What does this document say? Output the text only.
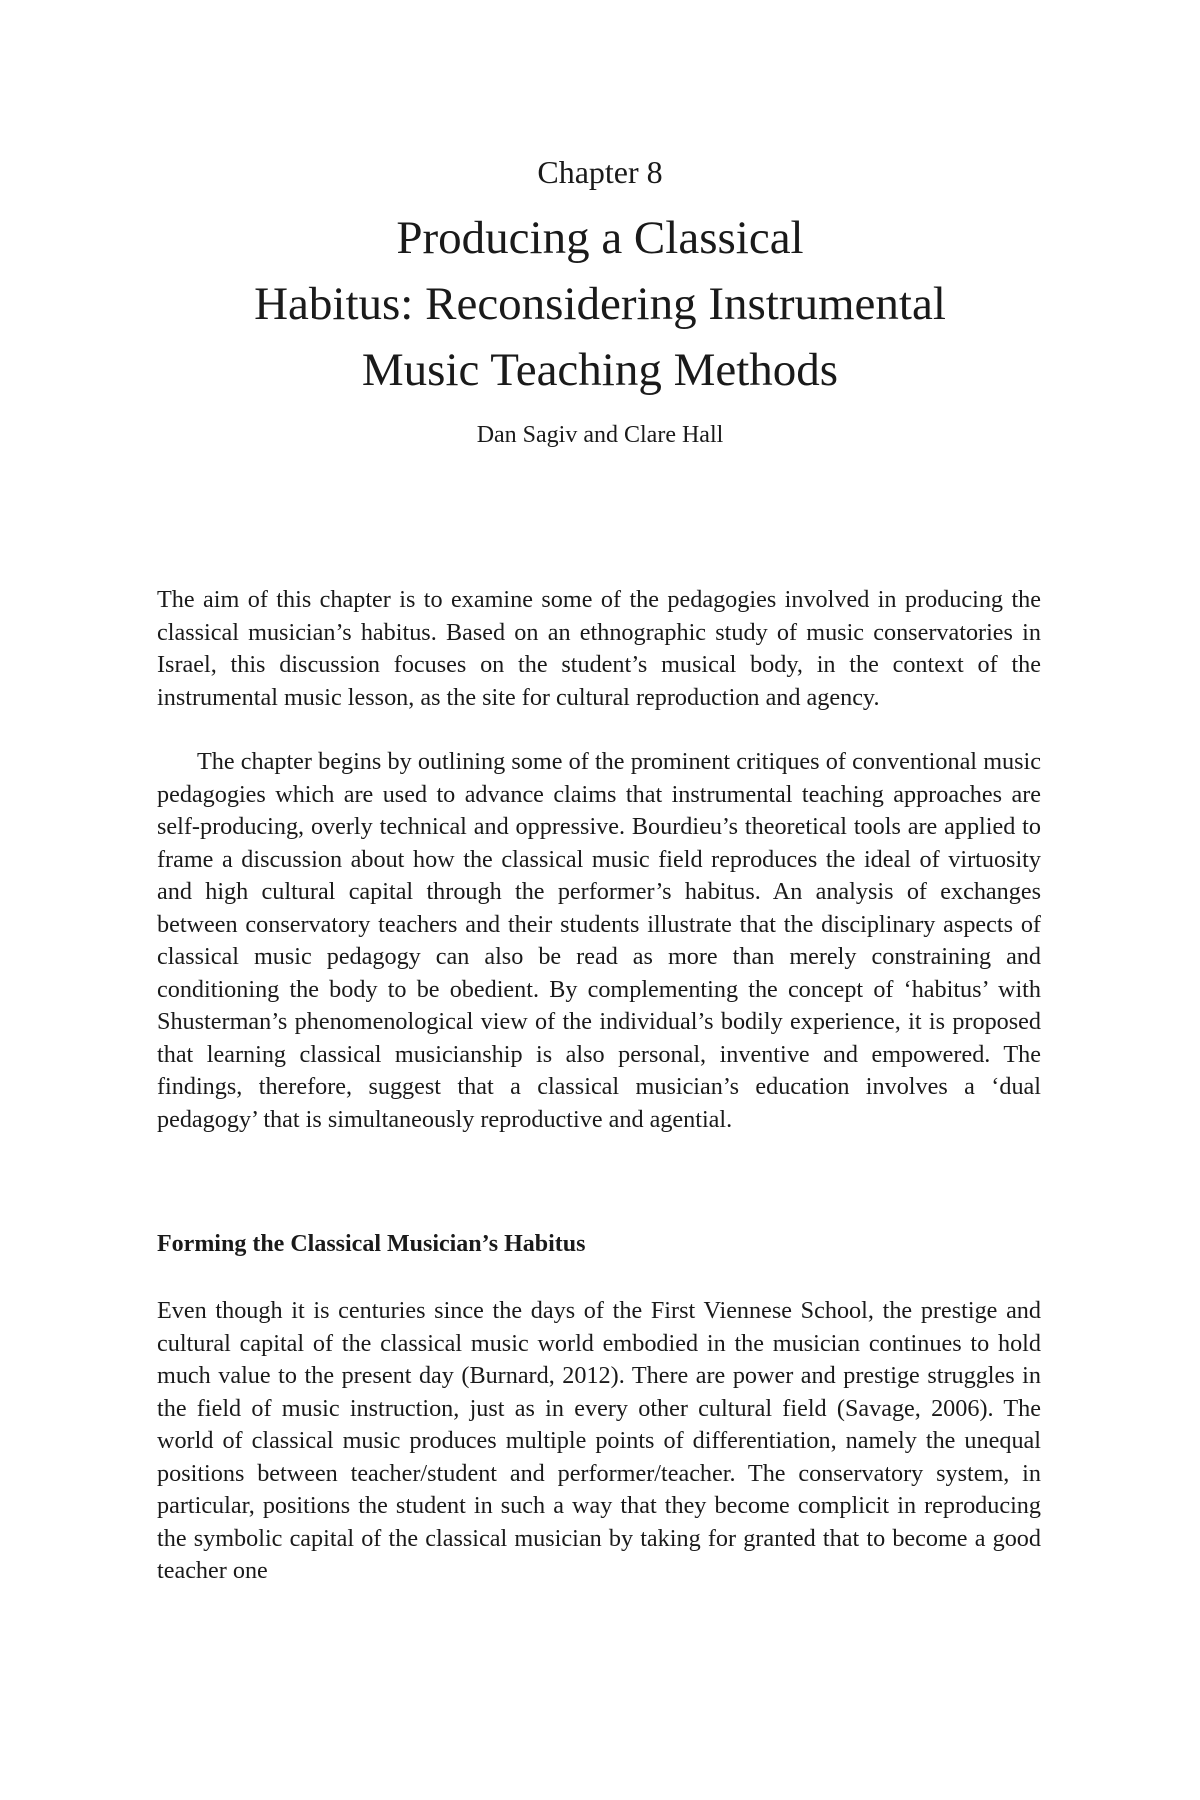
Chapter 8
Producing a Classical
Habitus: Reconsidering Instrumental
Music Teaching Methods
Dan Sagiv and Clare Hall

The aim of this chapter is to examine some of the pedagogies involved in producing the classical musician’s habitus. Based on an ethnographic study of music conservatories in Israel, this discussion focuses on the student’s musical body, in the context of the instrumental music lesson, as the site for cultural reproduction and agency.

The chapter begins by outlining some of the prominent critiques of conventional music pedagogies which are used to advance claims that instrumental teaching approaches are self-producing, overly technical and oppressive. Bourdieu’s theoretical tools are applied to frame a discussion about how the classical music field reproduces the ideal of virtuosity and high cultural capital through the performer’s habitus. An analysis of exchanges between conservatory teachers and their students illustrate that the disciplinary aspects of classical music pedagogy can also be read as more than merely constraining and conditioning the body to be obedient. By complementing the concept of ‘habitus’ with Shusterman’s phenomenological view of the individual’s bodily experience, it is proposed that learning classical musicianship is also personal, inventive and empowered. The findings, therefore, suggest that a classical musician’s education involves a ‘dual pedagogy’ that is simultaneously reproductive and agential.

Forming the Classical Musician’s Habitus

Even though it is centuries since the days of the First Viennese School, the prestige and cultural capital of the classical music world embodied in the musician continues to hold much value to the present day (Burnard, 2012). There are power and prestige struggles in the field of music instruction, just as in every other cultural field (Savage, 2006). The world of classical music produces multiple points of differentiation, namely the unequal positions between teacher/student and performer/teacher. The conservatory system, in particular, positions the student in such a way that they become complicit in reproducing the symbolic capital of the classical musician by taking for granted that to become a good teacher one
